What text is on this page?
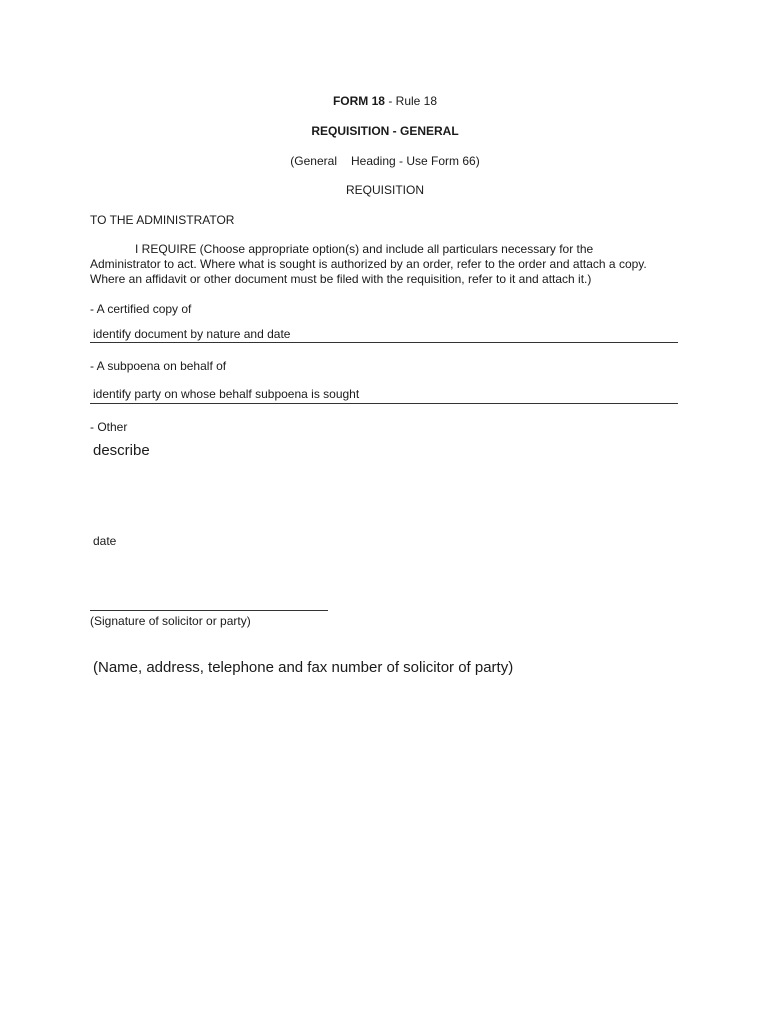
FORM 18 - Rule 18
REQUISITION - GENERAL
(General Heading - Use Form 66)
REQUISITION
TO THE ADMINISTRATOR
I REQUIRE (Choose appropriate option(s) and include all particulars necessary for the
Administrator to act. Where what is sought is authorized by an order, refer to the order and attach a copy.
Where an affidavit or other document must be filed with the requisition, refer to it and attach it.)
- A certified copy of
identify document by nature and date
- A subpoena on behalf of
identify party on whose behalf subpoena is sought
- Other
describe
date
(Signature of solicitor or party)
(Name, address, telephone and fax number of solicitor of party)
